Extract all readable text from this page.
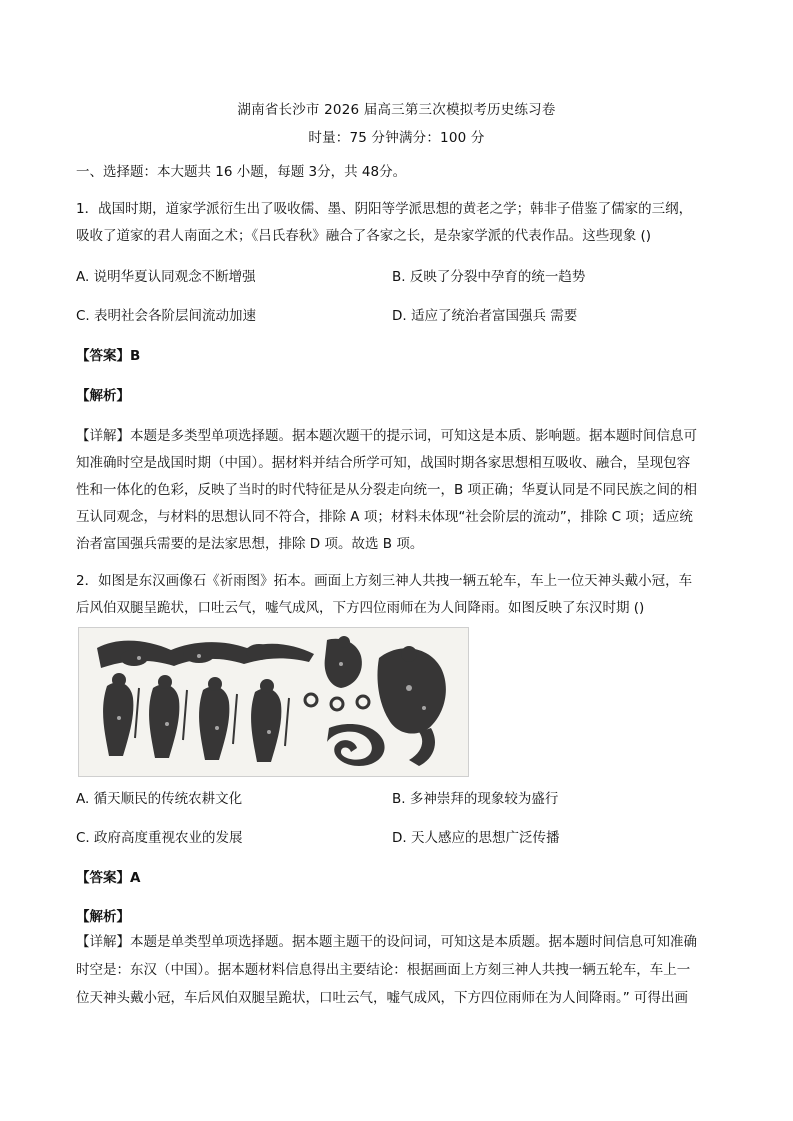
湖南省长沙市 2026 届高三第三次模拟考历史练习卷
时量：75 分钟满分：100 分
一、选择题：本大题共 16 小题，每题 3分，共 48分。
1．战国时期，道家学派衍生出了吸收儒、墨、阴阳等学派思想的黄老之学；韩非子借鉴了儒家的三纲，
吸收了道家的君人南面之术；《吕氏春秋》融合了各家之长，是杂家学派的代表作品。这些现象 ()
A. 说明华夏认同观念不断增强	B. 反映了分裂中孕育的统一趋势
C. 表明社会各阶层间流动加速	D. 适应了统治者富国强兵 需要
【答案】B
【解析】
【详解】本题是多类型单项选择题。据本题次题干的提示词，可知这是本质、影响题。据本题时间信息可
知准确时空是战国时期（中国）。据材料并结合所学可知，战国时期各家思想相互吸收、融合，呈现包容
性和一体化的色彩，反映了当时的时代特征是从分裂走向统一，B 项正确；华夏认同是不同民族之间的相
互认同观念，与材料的思想认同不符合，排除 A 项；材料未体现“社会阶层的流动”，排除 C 项；适应统
治者富国强兵需要的是法家思想，排除 D 项。故选 B 项。
2．如图是东汉画像石《祈雨图》拓本。画面上方刻三神人共拽一辆五轮车，车上一位天神头戴小冠，车
后风伯双腿呈跪状，口吐云气，嘘气成风，下方四位雨师在为人间降雨。如图反映了东汉时期 ()
A. 循天顺民的传统农耕文化	B. 多神崇拜的现象较为盛行
C. 政府高度重视农业的发展	D. 天人感应的思想广泛传播
【答案】A
【解析】
【详解】本题是单类型单项选择题。据本题主题干的设问词，可知这是本质题。据本题时间信息可知准确
时空是：东汉（中国）。据本题材料信息得出主要结论：根据画面上方刻三神人共拽一辆五轮车，车上一
位天神头戴小冠，车后风伯双腿呈跪状，口吐云气，嘘气成风，下方四位雨师在为人间降雨。” 可得出画
